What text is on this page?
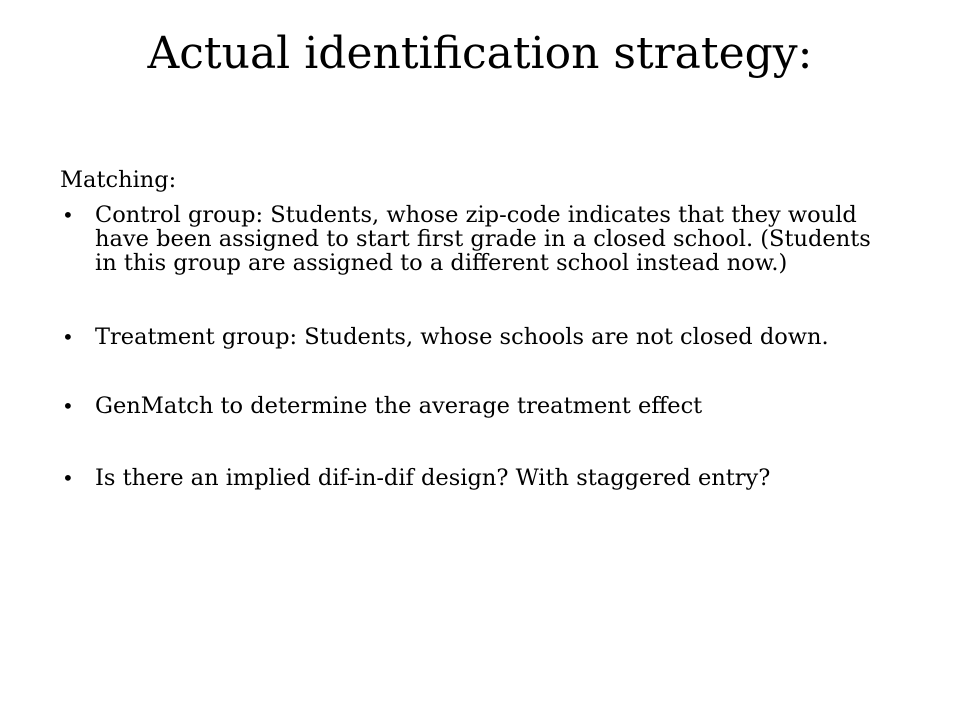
Actual identification strategy:

Matching:

• Control group: Students, whose zip-code indicates that they would have been assigned to start first grade in a closed school. (Students in this group are assigned to a different school instead now.)
• Treatment group: Students, whose schools are not closed down.
• GenMatch to determine the average treatment effect
• Is there an implied dif-in-dif design? With staggered entry?
